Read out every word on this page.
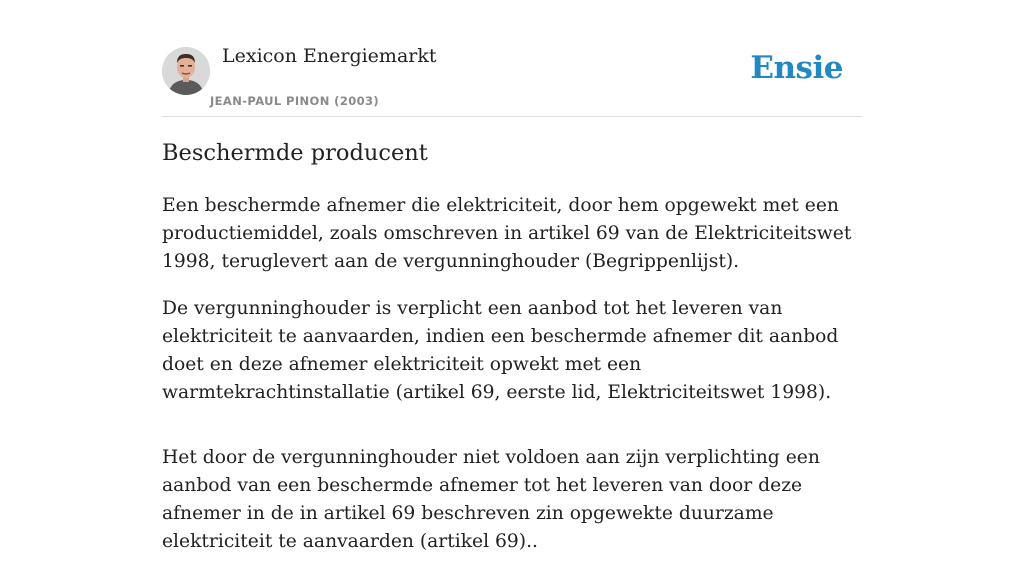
Lexicon Energiemarkt
JEAN-PAUL PINON (2003)
Ensie
Beschermde producent

Een beschermde afnemer die elektriciteit, door hem opgewekt met een productiemiddel, zoals omschreven in artikel 69 van de Elektriciteitswet 1998, teruglevert aan de vergunninghouder (Begrippenlijst).

De vergunninghouder is verplicht een aanbod tot het leveren van elektriciteit te aanvaarden, indien een beschermde afnemer dit aanbod doet en deze afnemer elektriciteit opwekt met een warmtekrachtinstallatie (artikel 69, eerste lid, Elektriciteitswet 1998).

Het door de vergunninghouder niet voldoen aan zijn verplichting een aanbod van een beschermde afnemer tot het leveren van door deze afnemer in de in artikel 69 beschreven zin opgewekte duurzame elektriciteit te aanvaarden (artikel 69)..
